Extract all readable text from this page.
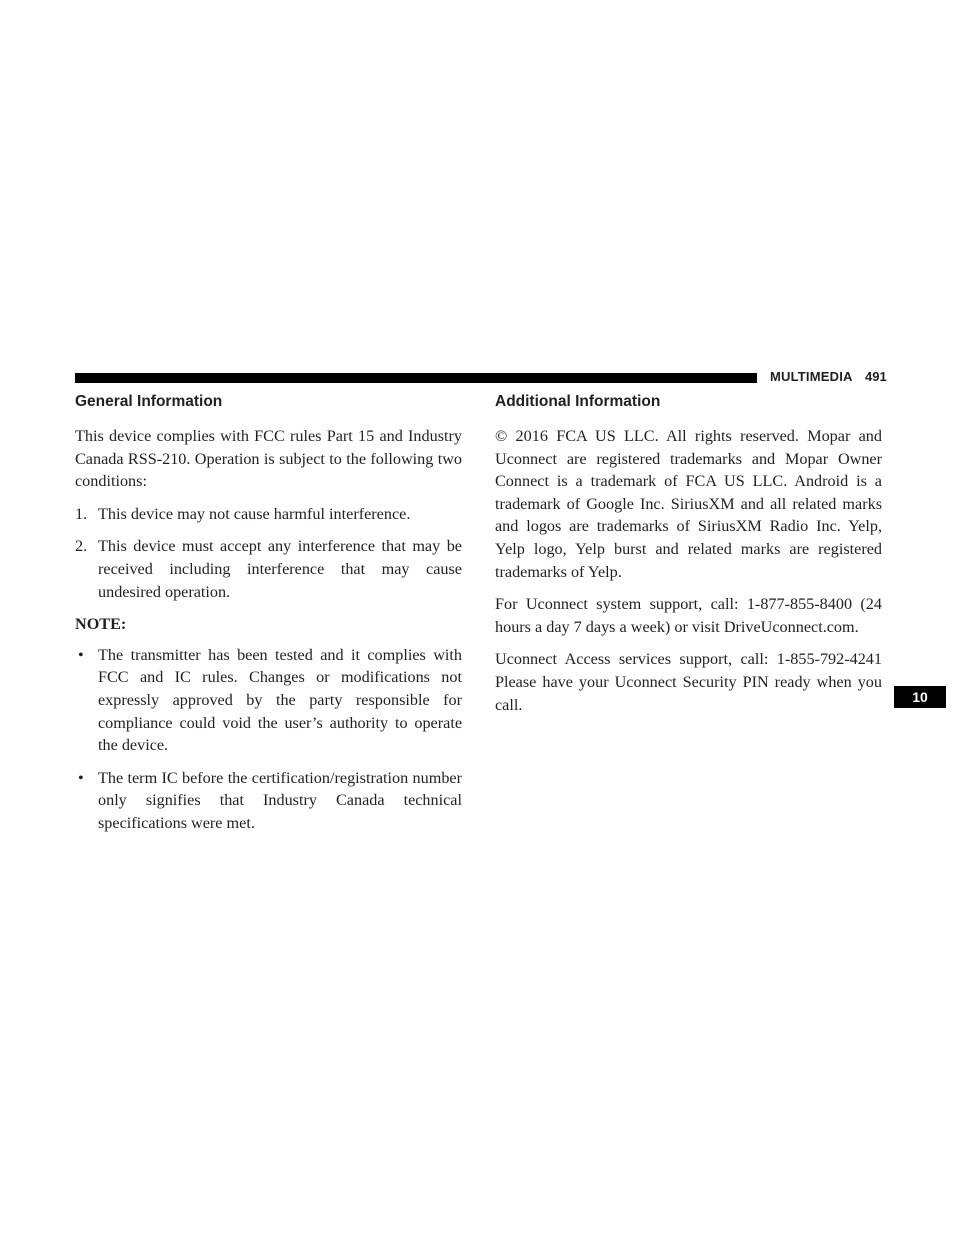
MULTIMEDIA 491
General Information

This device complies with FCC rules Part 15 and Industry Canada RSS-210. Operation is subject to the following two conditions:

1. This device may not cause harmful interference.
2. This device must accept any interference that may be received including interference that may cause undesired operation.
NOTE:
• The transmitter has been tested and it complies with FCC and IC rules. Changes or modifications not expressly approved by the party responsible for compliance could void the user’s authority to operate the device.
• The term IC before the certification/registration number only signifies that Industry Canada technical specifications were met.
Additional Information

© 2016 FCA US LLC. All rights reserved. Mopar and Uconnect are registered trademarks and Mopar Owner Connect is a trademark of FCA US LLC. Android is a trademark of Google Inc. SiriusXM and all related marks and logos are trademarks of SiriusXM Radio Inc. Yelp, Yelp logo, Yelp burst and related marks are registered trademarks of Yelp.

For Uconnect system support, call: 1-877-855-8400 (24 hours a day 7 days a week) or visit DriveUconnect.com.

Uconnect Access services support, call: 1-855-792-4241 Please have your Uconnect Security PIN ready when you call.	10
